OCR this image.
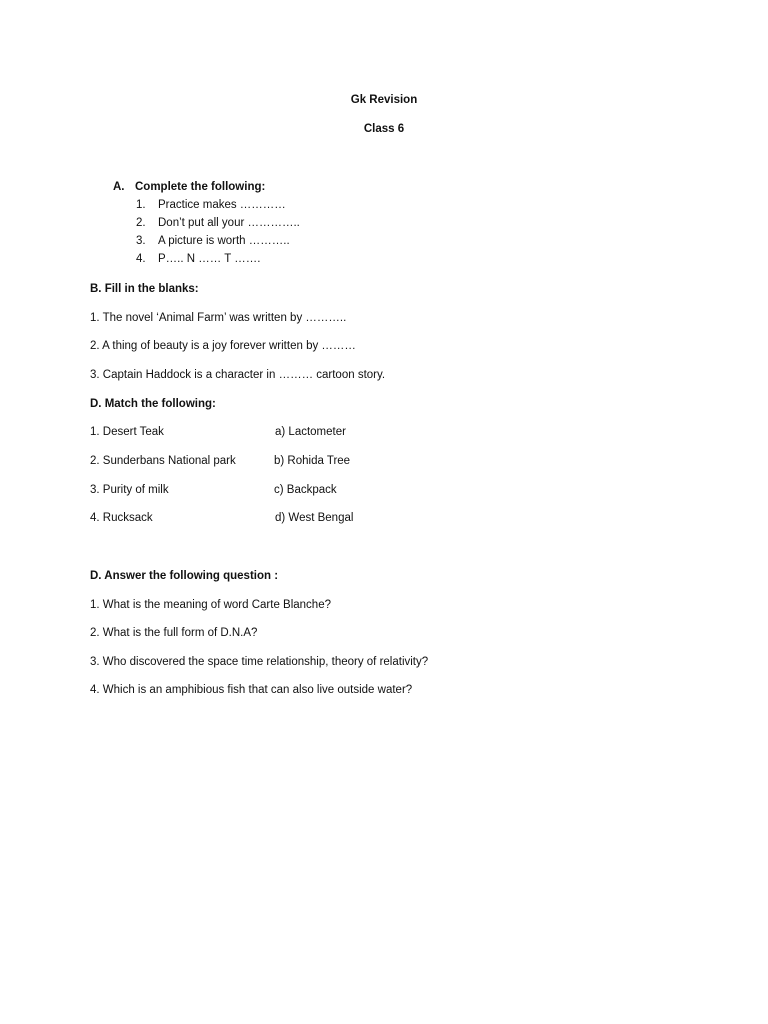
Gk Revision
Class 6
A. Complete the following:
1. Practice makes …………
2. Don’t put all your …………..
3. A picture is worth ………..
4. P….. N …… T …….
B. Fill in the blanks:
1. The novel ‘Animal Farm’ was written by ………..
2. A thing of beauty is a joy forever written by ………
3. Captain Haddock is a character in ……… cartoon story.
D. Match the following:
1. Desert Teak	a) Lactometer
2. Sunderbans National park	b) Rohida Tree
3. Purity of milk	c) Backpack
4. Rucksack	d) West Bengal
D. Answer the following question :
1. What is the meaning of word Carte Blanche?
2. What is the full form of D.N.A?
3. Who discovered the space time relationship, theory of relativity?
4. Which is an amphibious fish that can also live outside water?
